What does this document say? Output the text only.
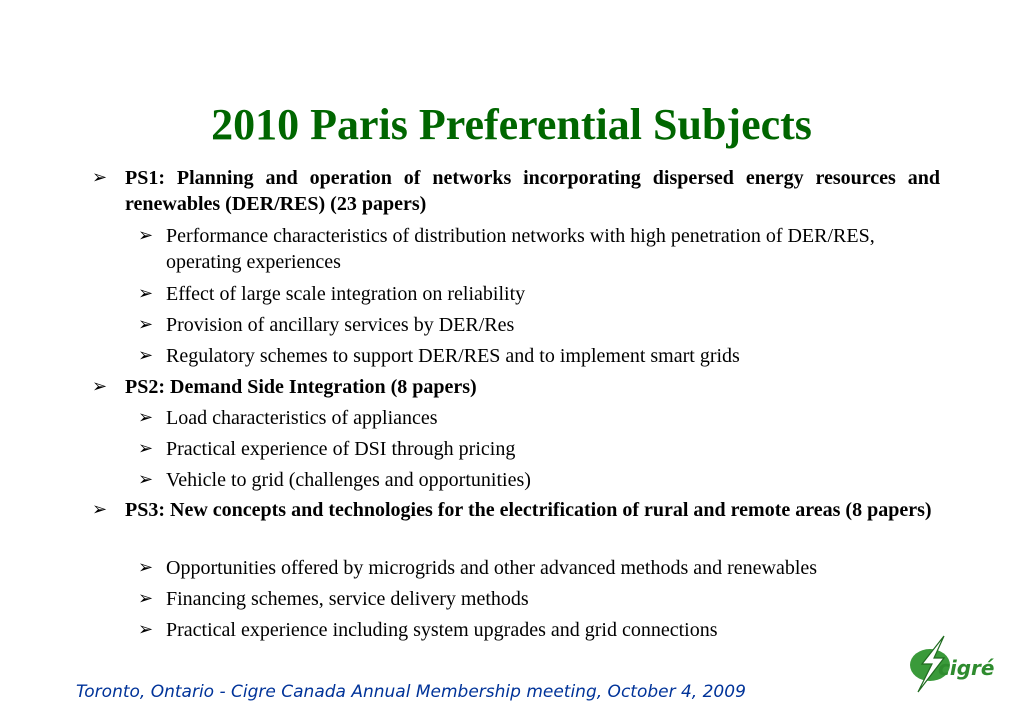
2010 Paris Preferential Subjects
➢ PS1: Planning and operation of networks incorporating dispersed energy resources and renewables (DER/RES) (23 papers)
➢ Performance characteristics of distribution networks with high penetration of DER/RES, operating experiences
➢ Effect of large scale integration on reliability
➢ Provision of ancillary services by DER/Res
➢ Regulatory schemes to support DER/RES and to implement smart grids
➢ PS2: Demand Side Integration (8 papers)
➢ Load characteristics of appliances
➢ Practical experience of DSI through pricing
➢ Vehicle to grid (challenges and opportunities)
➢ PS3: New concepts and technologies for the electrification of rural and remote areas (8 papers)
➢ Opportunities offered by microgrids and other advanced methods and renewables
➢ Financing schemes, service delivery methods
➢ Practical experience including system upgrades and grid connections
Toronto, Ontario - Cigre Canada Annual Membership meeting, October 4, 2009
cigré
